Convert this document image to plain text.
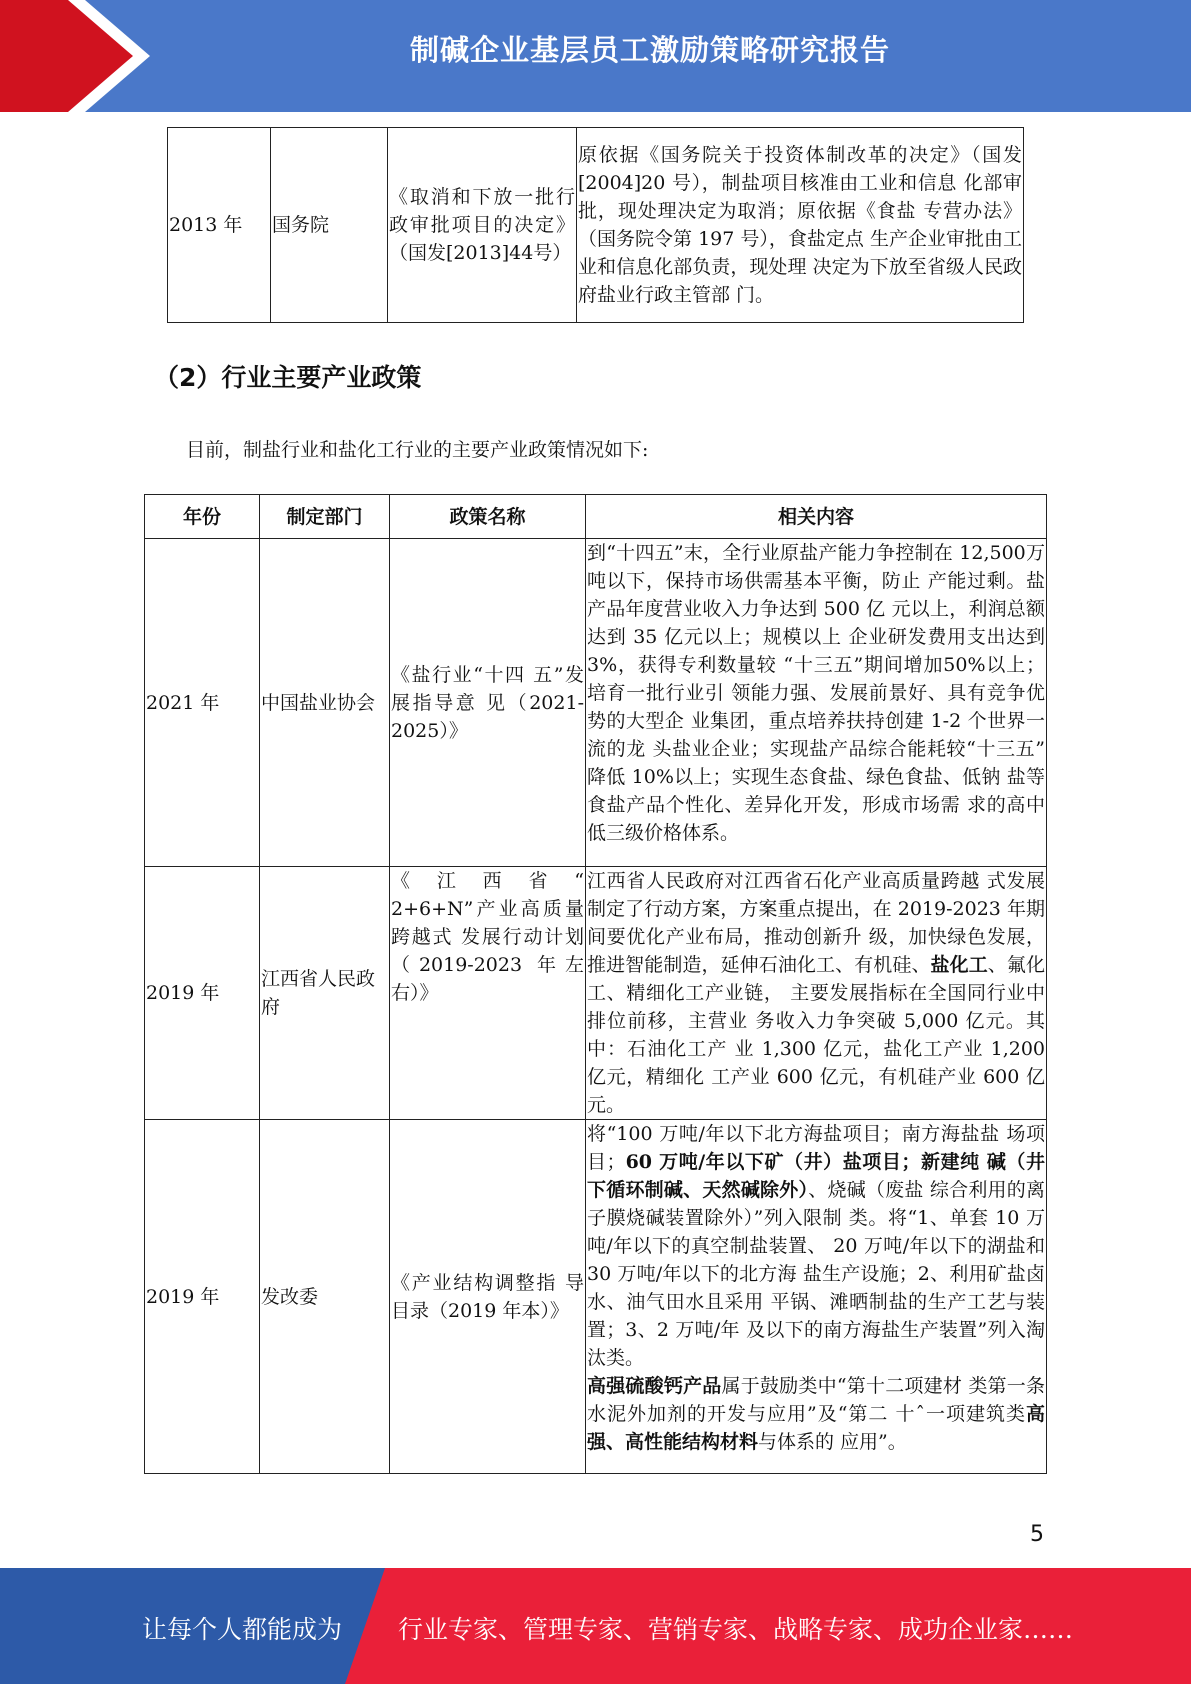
制碱企业基层员工激励策略研究报告
2013 年	国务院	《取消和下放一批行政审批项目的决定》（国发[2013]44号）	原依据《国务院关于投资体制改革的决定》（国发[2004]20 号），制盐项目核准由工业和信息 化部审批，现处理决定为取消；原依据《食盐 专营办法》（国务院令第 197 号），食盐定点 生产企业审批由工业和信息化部负责，现处理 决定为下放至省级人民政府盐业行政主管部 门。
（2）行业主要产业政策
目前，制盐行业和盐化工行业的主要产业政策情况如下:
年份	制定部门	政策名称	相关内容
2021 年	中国盐业协会	《盐行业“十四 五”发展指导意 见（2021-2025）》	到“十四五”末，全行业原盐产能力争控制在 12,500万吨以下，保持市场供需基本平衡，防止 产能过剩。盐产品年度营业收入力争达到 500 亿 元以上，利润总额达到 35 亿元以上；规模以上 企业研发费用支出达到 3%，获得专利数量较 “十三五”期间增加50%以上；培育一批行业引 领能力强、发展前景好、具有竞争优势的大型企 业集团，重点培养扶持创建 1-2 个世界一流的龙 头盐业企业；实现盐产品综合能耗较“十三五” 降低 10%以上；实现生态食盐、绿色食盐、低钠 盐等食盐产品个性化、差异化开发，形成市场需 求的高中低三级价格体系。
2019 年	江西省人民政府	《江西省“ 2+6+N”产业高质量跨越式 发展行动计划（2019-2023 年左右）》	江西省人民政府对江西省石化产业高质量跨越 式发展制定了行动方案，方案重点提出，在 2019-2023 年期间要优化产业布局，推动创新升 级，加快绿色发展，推进智能制造，延伸石油化工、有机硅、盐化工、氟化工、精细化工产业链， 主要发展指标在全国同行业中排位前移，主营业 务收入力争突破 5,000 亿元。其中：石油化工产 业 1,300 亿元，盐化工产业 1,200 亿元，精细化 工产业 600 亿元，有机硅产业 600 亿元。
2019 年	发改委	《产业结构调整指 导目录（2019 年本）》	将“100 万吨/年以下北方海盐项目；南方海盐盐 场项目；60 万吨/年以下矿（井）盐项目；新建纯 碱（井下循环制碱、天然碱除外）、烧碱（废盐 综合利用的离子膜烧碱装置除外）”列入限制 类。将“1、单套 10 万吨/年以下的真空制盐装置、 20 万吨/年以下的湖盐和 30 万吨/年以下的北方海 盐生产设施；2、利用矿盐卤水、油气田水且采用 平锅、滩晒制盐的生产工艺与装置；3、2 万吨/年 及以下的南方海盐生产装置”列入淘汰类。
高强硫酸钙产品属于鼓励类中“第十二项建材 类第一条水泥外加剂的开发与应用”及“第二 十ˆ一项建筑类高强、高性能结构材料与体系的 应用”。
5
让每个人都能成为 行业专家、管理专家、营销专家、战略专家、成功企业家……
